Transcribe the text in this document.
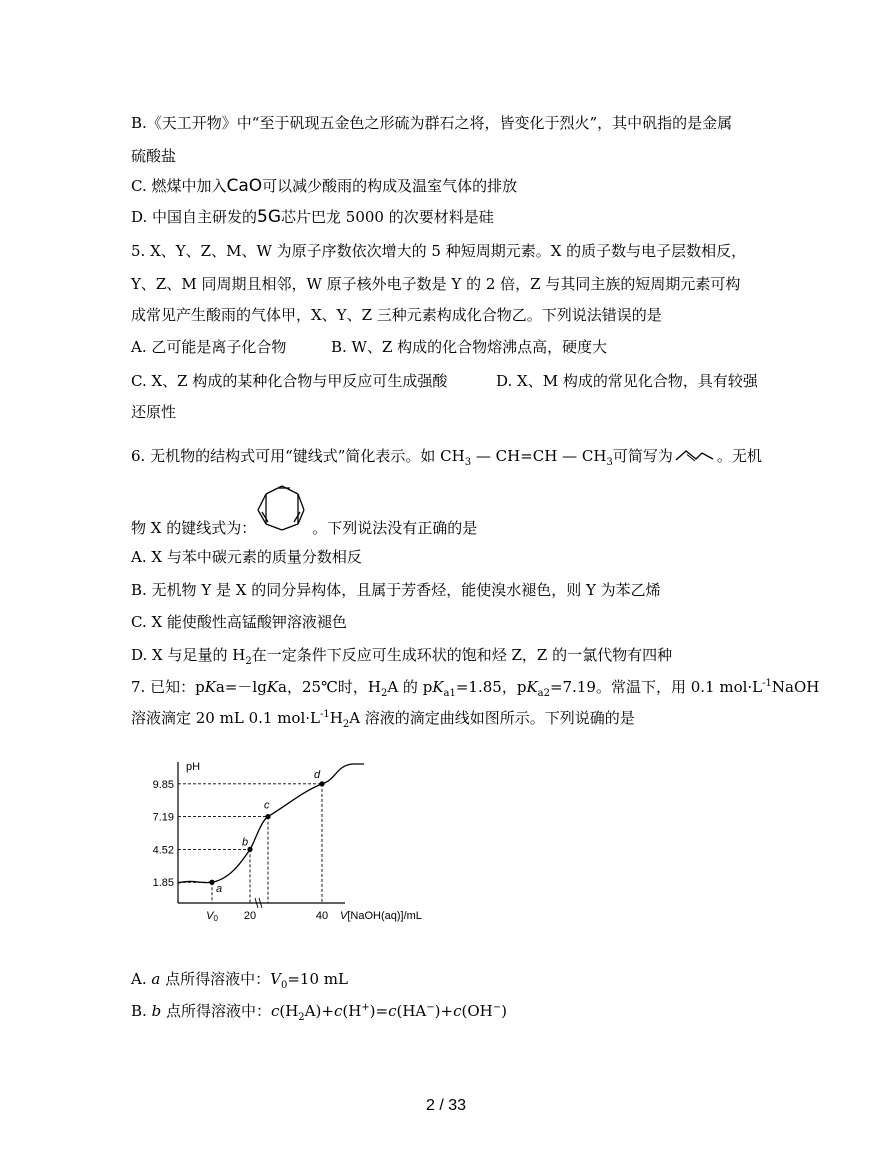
B.《天工开物》中“至于矾现五金色之形硫为群石之将，皆变化于烈火”，其中矾指的是金属
硫酸盐
C. 燃煤中加入CaO可以减少酸雨的构成及温室气体的排放
D. 中国自主研发的5G芯片巴龙 5000 的次要材料是硅
5. X、Y、Z、M、W 为原子序数依次增大的 5 种短周期元素。X 的质子数与电子层数相反，
Y、Z、M 同周期且相邻，W 原子核外电子数是 Y 的 2 倍，Z 与其同主族的短周期元素可构
成常见产生酸雨的气体甲，X、Y、Z 三种元素构成化合物乙。下列说法错误的是
A. 乙可能是离子化合物	B. W、Z 构成的化合物熔沸点高，硬度大
C. X、Z 构成的某种化合物与甲反应可生成强酸	D. X、M 构成的常见化合物，具有较强
还原性
6. 无机物的结构式可用“键线式”简化表示。如 $CH_3$ — CH=CH — $CH_3$可简写为	。无机
物 X 的键线式为：	。下列说法没有正确的是
A. X 与苯中碳元素的质量分数相反
B. 无机物 Y 是 X 的同分异构体，且属于芳香烃，能使溴水褪色，则 Y 为苯乙烯
C. X 能使酸性高锰酸钾溶液褪色
D. X 与足量的 $H_2$在一定条件下反应可生成环状的饱和烃 Z，Z 的一氯代物有四种
7. 已知：pKa=－lgKa，25℃时，$H_2A$ 的 $pK_{a1}=1.85$，$pK_{a2}=7.19$。常温下，用 0.1 $mol\cdot L^{-1}NaOH$
溶液滴定 20 mL 0.1 $mol\cdot L^{-1}H_2A$ 溶液的滴定曲线如图所示。下列说确的是
pH
1.85
4.52
7.19
9.85
V0 20	40 V[NaOH(aq)]/mL
a
b
c
d
A. a 点所得溶液中：$V_0=10$ mL
B. b 点所得溶液中：$c(H_2A)+c(H^+)=c(HA^-)+c(OH^-)$
2 / 33
